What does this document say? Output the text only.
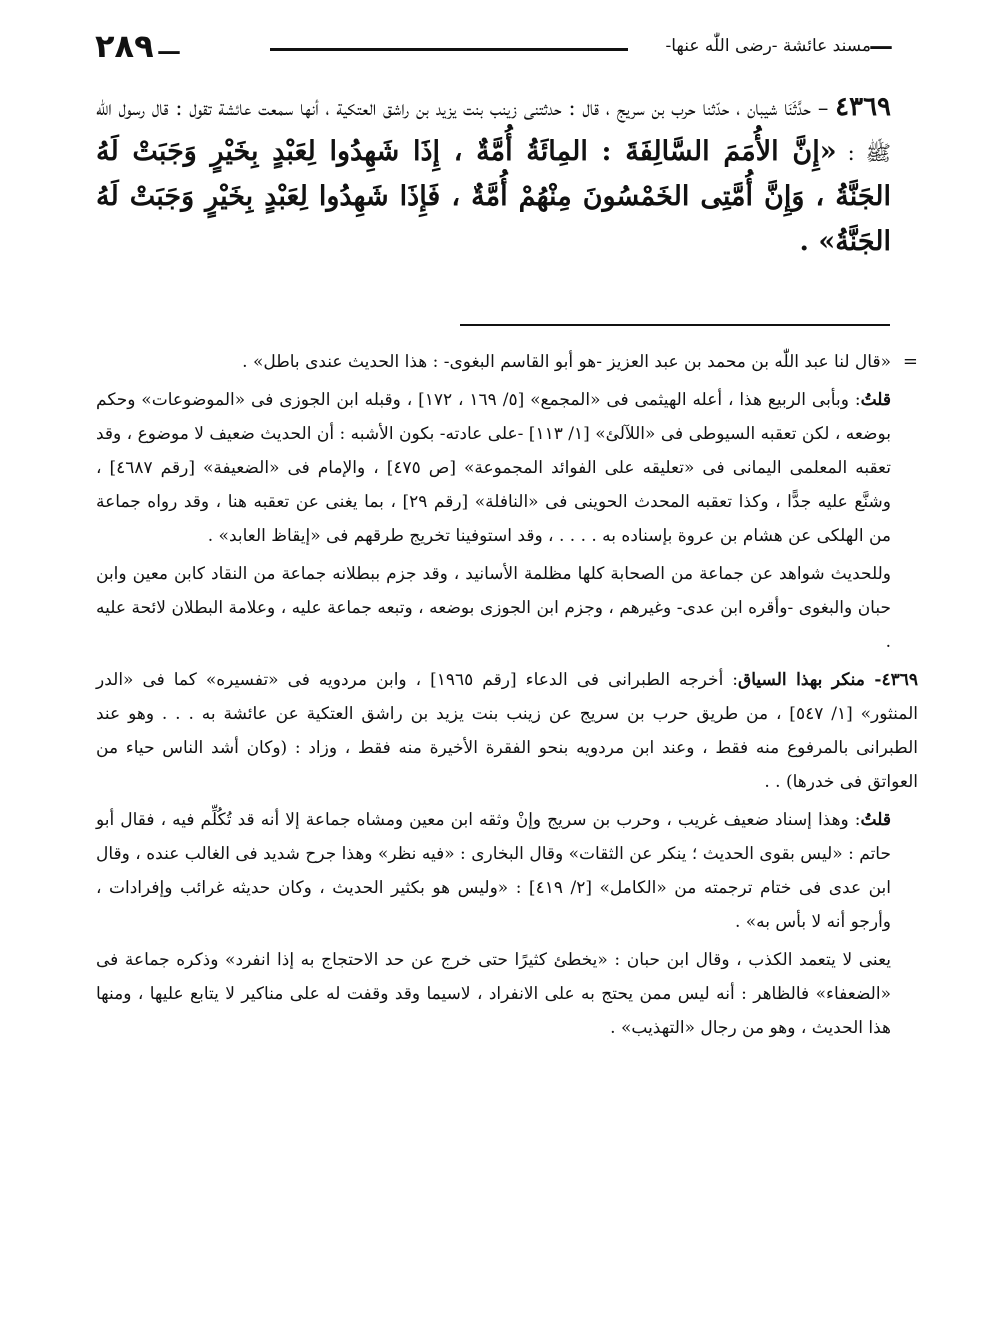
٢٨٩ —	مسند عائشة -رضى اللّٰه عنها-
—
٤٣٦٩ – حدَّثَنَا شيبان ، حدّثنا حرب بن سريج ، قال : حدثتنى زينب بنت يزيد بن راشق العتكية ، أنها سمعت عائشة تقول : قال رسول اللّٰه ﷺ : «إِنَّ الأُمَمَ السَّالِفَةَ : المِائَةُ أُمَّةٌ ، إِذَا شَهِدُوا لِعَبْدٍ بِخَيْرٍ وَجَبَتْ لَهُ الجَنَّةُ ، وَإِنَّ أُمَّتِى الخَمْسُونَ مِنْهُمْ أُمَّةٌ ، فَإِذَا شَهِدُوا لِعَبْدٍ بِخَيْرٍ وَجَبَتْ لَهُ الجَنَّةُ» .
=

«قال لنا عبد اللّٰه بن محمد بن عبد العزيز -هو أبو القاسم البغوى- : هذا الحديث عندى باطل» .

قلتُ: وبأبى الربيع هذا ، أعله الهيثمى فى «المجمع» [٥/ ١٦٩ ، ١٧٢] ، وقبله ابن الجوزى فى «الموضوعات» وحكم بوضعه ، لكن تعقبه السيوطى فى «اللآلئ» [١/ ١١٣] -على عادته- بكون الأشبه : أن الحديث ضعيف لا موضوع ، وقد تعقبه المعلمى اليمانى فى «تعليقه على الفوائد المجموعة» [ص ٤٧٥] ، والإمام فى «الضعيفة» [رقم ٤٦٨٧] ، وشنَّع عليه جدًّا ، وكذا تعقبه المحدث الحوينى فى «النافلة» [رقم ٢٩] ، بما يغنى عن تعقبه هنا ، وقد رواه جماعة من الهلكى عن هشام بن عروة بإسناده به . . . . ، وقد استوفينا تخريج طرقهم فى «إيقاظ العابد» .

وللحديث شواهد عن جماعة من الصحابة كلها مظلمة الأسانيد ، وقد جزم ببطلانه جماعة من النقاد كابن معين وابن حبان والبغوى -وأقره ابن عدى- وغيرهم ، وجزم ابن الجوزى بوضعه ، وتبعه جماعة عليه ، وعلامة البطلان لائحة عليه .

٤٣٦٩- منكر بهذا السياق: أخرجه الطبرانى فى الدعاء [رقم ١٩٦٥] ، وابن مردويه فى «تفسيره» كما فى «الدر المنثور» [١/ ٥٤٧] ، من طريق حرب بن سريج عن زينب بنت يزيد بن راشق العتكية عن عائشة به . . . وهو عند الطبرانى بالمرفوع منه فقط ، وعند ابن مردويه بنحو الفقرة الأخيرة منه فقط ، وزاد : (وكان أشد الناس حياء من العواتق فى خدرها) . .

قلتُ: وهذا إسناد ضعيف غريب ، وحرب بن سريج وإنْ وثقه ابن معين ومشاه جماعة إلا أنه قد تُكُلِّم فيه ، فقال أبو حاتم : «ليس بقوى الحديث ؛ ينكر عن الثقات» وقال البخارى : «فيه نظر» وهذا جرح شديد فى الغالب عنده ، وقال ابن عدى فى ختام ترجمته من «الكامل» [٢/ ٤١٩] : «وليس هو بكثير الحديث ، وكان حديثه غرائب وإفرادات ، وأرجو أنه لا بأس به» .

يعنى لا يتعمد الكذب ، وقال ابن حبان : «يخطئ كثيرًا حتى خرج عن حد الاحتجاج به إذا انفرد» وذكره جماعة فى «الضعفاء» فالظاهر : أنه ليس ممن يحتج به على الانفراد ، لاسيما وقد وقفت له على مناكير لا يتابع عليها ، ومنها هذا الحديث ، وهو من رجال «التهذيب» .
